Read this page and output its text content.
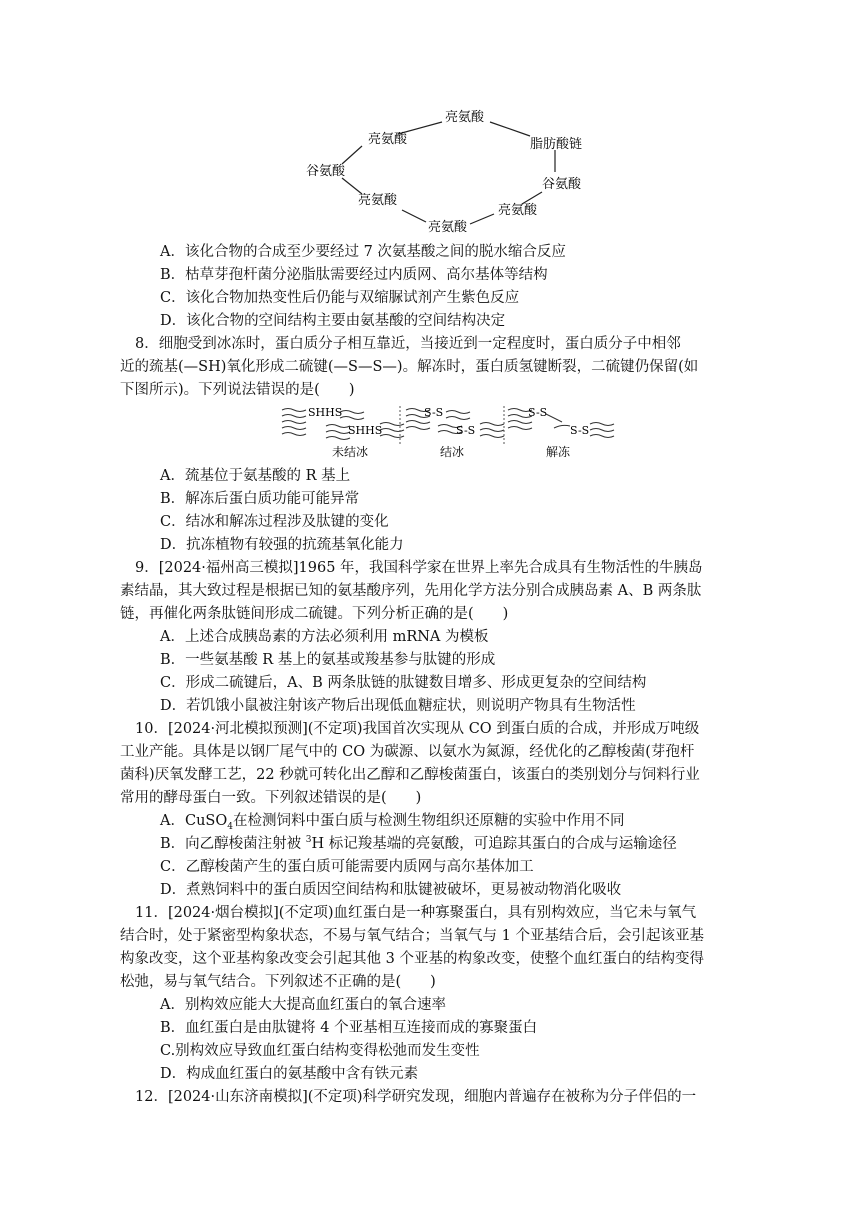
亮氨酸
脂肪酸链
谷氨酸
亮氨酸
亮氨酸
亮氨酸
谷氨酸
亮氨酸
A．该化合物的合成至少要经过 7 次氨基酸之间的脱水缩合反应
B．枯草芽孢杆菌分泌脂肽需要经过内质网、高尔基体等结构
C．该化合物加热变性后仍能与双缩脲试剂产生紫色反应
D．该化合物的空间结构主要由氨基酸的空间结构决定
8．细胞受到冰冻时，蛋白质分子相互靠近，当接近到一定程度时，蛋白质分子中相邻
近的巯基(—SH)氧化形成二硫键(—S—S—)。解冻时，蛋白质氢键断裂，二硫键仍保留(如
下图所示)。下列说法错误的是(　　)
SHHS
SHHS
S-S
S-S
S-S
S-S
未结冰	结冰	解冻
A．巯基位于氨基酸的 R 基上
B．解冻后蛋白质功能可能异常
C．结冰和解冻过程涉及肽键的变化
D．抗冻植物有较强的抗巯基氧化能力
9．[2024·福州高三模拟]1965 年，我国科学家在世界上率先合成具有生物活性的牛胰岛
素结晶，其大致过程是根据已知的氨基酸序列，先用化学方法分别合成胰岛素 A、B 两条肽
链，再催化两条肽链间形成二硫键。下列分析正确的是(　　)
A．上述合成胰岛素的方法必须利用 mRNA 为模板
B．一些氨基酸 R 基上的氨基或羧基参与肽键的形成
C．形成二硫键后，A、B 两条肽链的肽键数目增多、形成更复杂的空间结构
D．若饥饿小鼠被注射该产物后出现低血糖症状，则说明产物具有生物活性
10．[2024·河北模拟预测](不定项)我国首次实现从 CO 到蛋白质的合成，并形成万吨级
工业产能。具体是以钢厂尾气中的 CO 为碳源、以氨水为氮源，经优化的乙醇梭菌(芽孢杆
菌科)厌氧发酵工艺，22 秒就可转化出乙醇和乙醇梭菌蛋白，该蛋白的类别划分与饲料行业
常用的酵母蛋白一致。下列叙述错误的是(　　)
A．CuSO$_4$在检测饲料中蛋白质与检测生物组织还原糖的实验中作用不同
B．向乙醇梭菌注射被 $^3$H 标记羧基端的亮氨酸，可追踪其蛋白的合成与运输途径
C．乙醇梭菌产生的蛋白质可能需要内质网与高尔基体加工
D．煮熟饲料中的蛋白质因空间结构和肽键被破坏，更易被动物消化吸收
11．[2024·烟台模拟](不定项)血红蛋白是一种寡聚蛋白，具有别构效应，当它未与氧气
结合时，处于紧密型构象状态，不易与氧气结合；当氧气与 1 个亚基结合后，会引起该亚基
构象改变，这个亚基构象改变会引起其他 3 个亚基的构象改变，使整个血红蛋白的结构变得
松弛，易与氧气结合。下列叙述不正确的是(　　)
A．别构效应能大大提高血红蛋白的氧合速率
B．血红蛋白是由肽键将 4 个亚基相互连接而成的寡聚蛋白
C.别构效应导致血红蛋白结构变得松弛而发生变性
D．构成血红蛋白的氨基酸中含有铁元素
12．[2024·山东济南模拟](不定项)科学研究发现，细胞内普遍存在被称为分子伴侣的一
